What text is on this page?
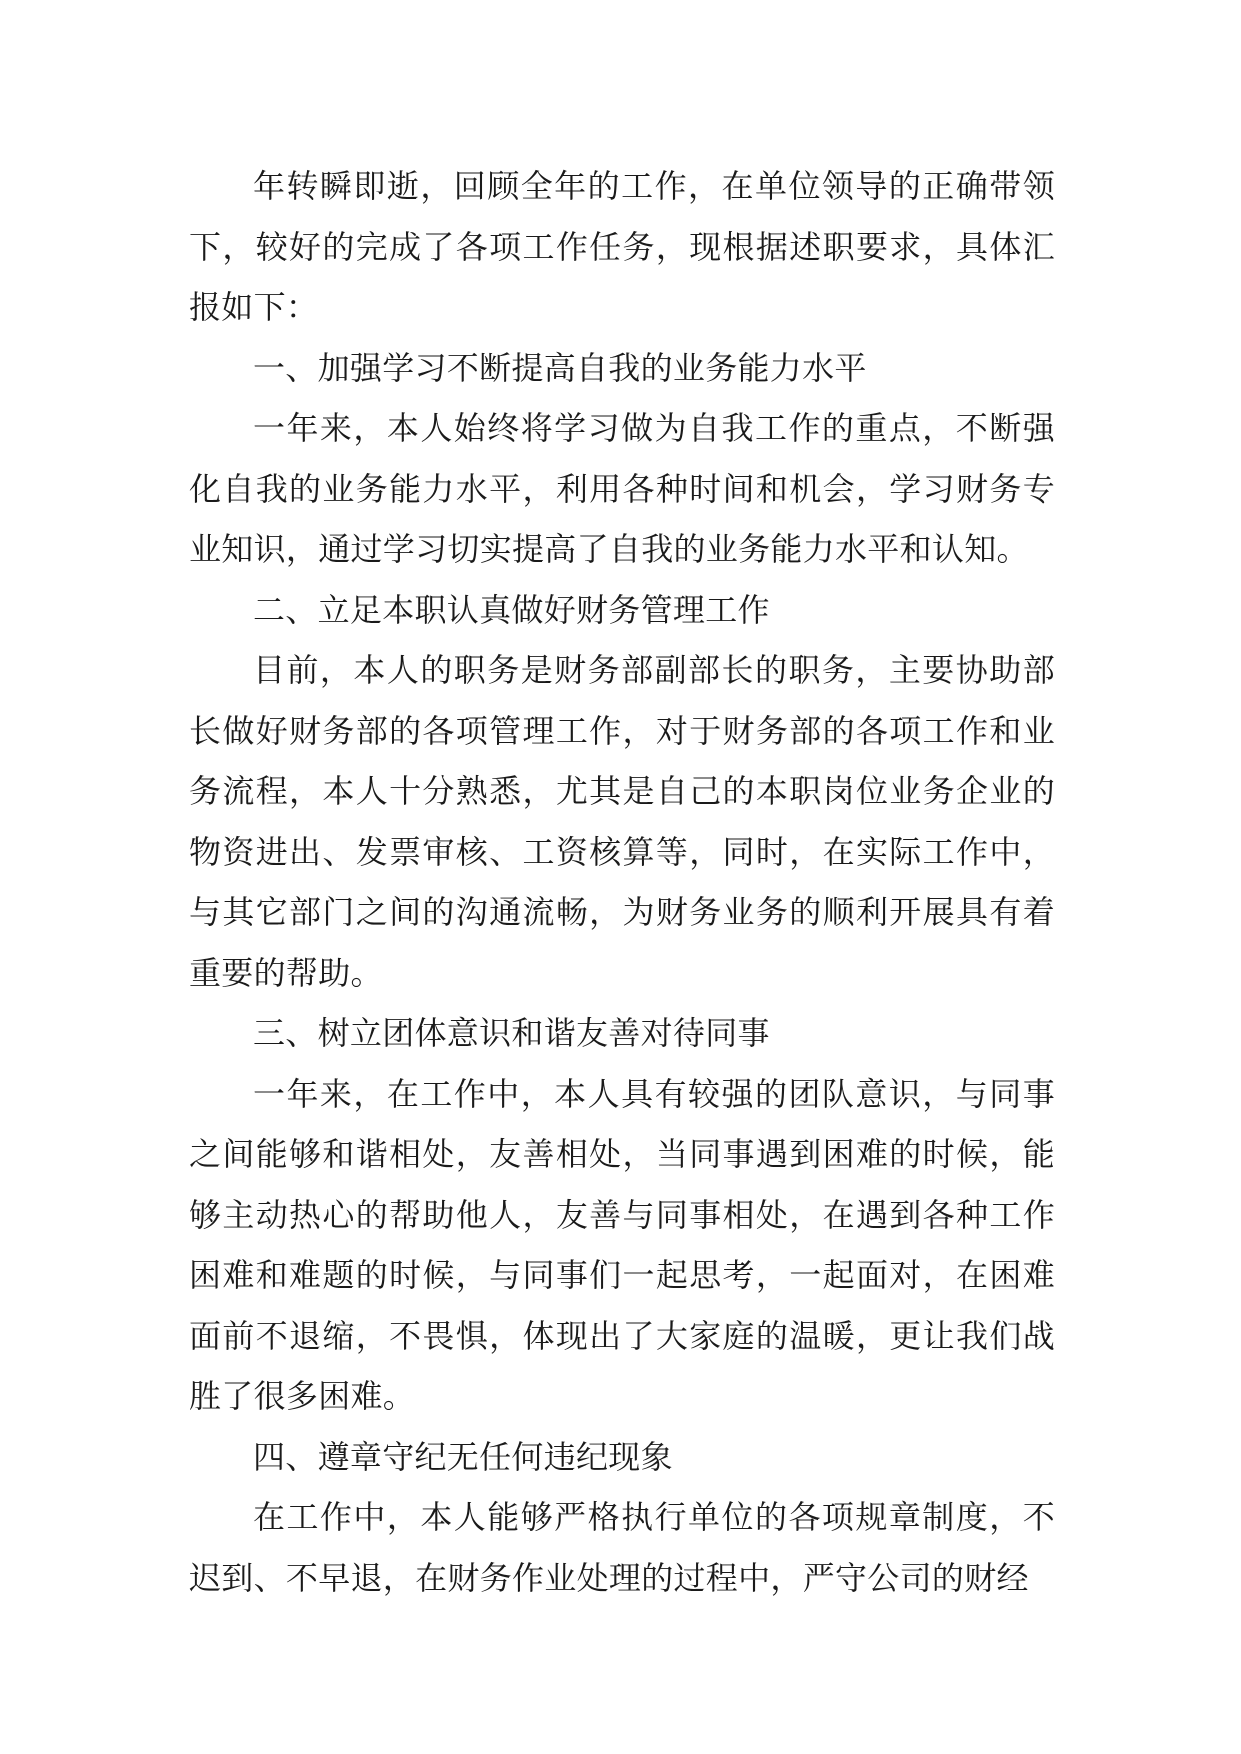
年转瞬即逝，回顾全年的工作，在单位领导的正确带领下，较好的完成了各项工作任务，现根据述职要求，具体汇报如下：

一、加强学习不断提高自我的业务能力水平

一年来，本人始终将学习做为自我工作的重点，不断强化自我的业务能力水平，利用各种时间和机会，学习财务专业知识，通过学习切实提高了自我的业务能力水平和认知。

二、立足本职认真做好财务管理工作

目前，本人的职务是财务部副部长的职务，主要协助部长做好财务部的各项管理工作，对于财务部的各项工作和业务流程，本人十分熟悉，尤其是自己的本职岗位业务企业的物资进出、发票审核、工资核算等，同时，在实际工作中，与其它部门之间的沟通流畅，为财务业务的顺利开展具有着重要的帮助。

三、树立团体意识和谐友善对待同事

一年来，在工作中，本人具有较强的团队意识，与同事之间能够和谐相处，友善相处，当同事遇到困难的时候，能够主动热心的帮助他人，友善与同事相处，在遇到各种工作困难和难题的时候，与同事们一起思考，一起面对，在困难面前不退缩，不畏惧，体现出了大家庭的温暖，更让我们战胜了很多困难。

四、遵章守纪无任何违纪现象

在工作中，本人能够严格执行单位的各项规章制度，不迟到、不早退，在财务作业处理的过程中，严守公司的财经
